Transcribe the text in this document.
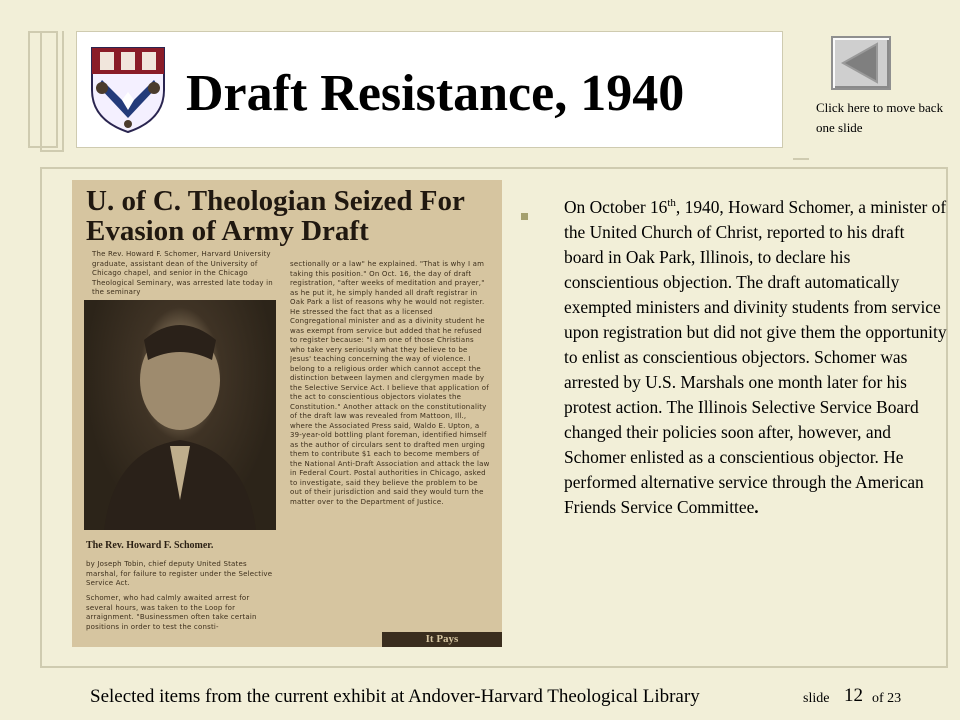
Draft Resistance, 1940	Click here to move back one slide
U. of C. Theologian Seized For Evasion of Army Draft
The Rev. Howard F. Schomer, Harvard University graduate, assistant dean of the University of Chicago chapel, and senior in the Chicago Theological Seminary, was arrested late today in the seminary
The Rev. Howard F. Schomer.
by Joseph Tobin, chief deputy United States marshal, for failure to register under the Selective Service Act.
Schomer, who had calmly awaited arrest for several hours, was taken to the Loop for arraignment. "Businessmen often take certain positions in order to test the consti-
sectionally or a law" he explained. "That is why I am taking this position." On Oct. 16, the day of draft registration, "after weeks of meditation and prayer," as he put it, he simply handed all draft registrar in Oak Park a list of reasons why he would not register. He stressed the fact that as a licensed Congregational minister and as a divinity student he was exempt from service but added that he refused to register because: "I am one of those Christians who take very seriously what they believe to be Jesus' teaching concerning the way of violence. I belong to a religious order which cannot accept the distinction between laymen and clergymen made by the Selective Service Act. I believe that application of the act to conscientious objectors violates the Constitution." Another attack on the constitutionality of the draft law was revealed from Mattoon, Ill., where the Associated Press said, Waldo E. Upton, a 39-year-old bottling plant foreman, identified himself as the author of circulars sent to drafted men urging them to contribute $1 each to become members of the National Anti-Draft Association and attack the law in Federal Court. Postal authorities in Chicago, asked to investigate, said they believe the problem to be out of their jurisdiction and said they would turn the matter over to the Department of Justice.
It Pays

On October 16th, 1940, Howard Schomer, a minister of the United Church of Christ, reported to his draft board in Oak Park, Illinois, to declare his conscientious objection. The draft automatically exempted ministers and divinity students from service upon registration but did not give them the opportunity to enlist as conscientious objectors. Schomer was arrested by U.S. Marshals one month later for his protest action. The Illinois Selective Service Board changed their policies soon after, however, and Schomer enlisted as a conscientious objector. He performed alternative service through the American Friends Service Committee.

Selected items from the current exhibit at Andover-Harvard Theological Library	slide 12 of 23
